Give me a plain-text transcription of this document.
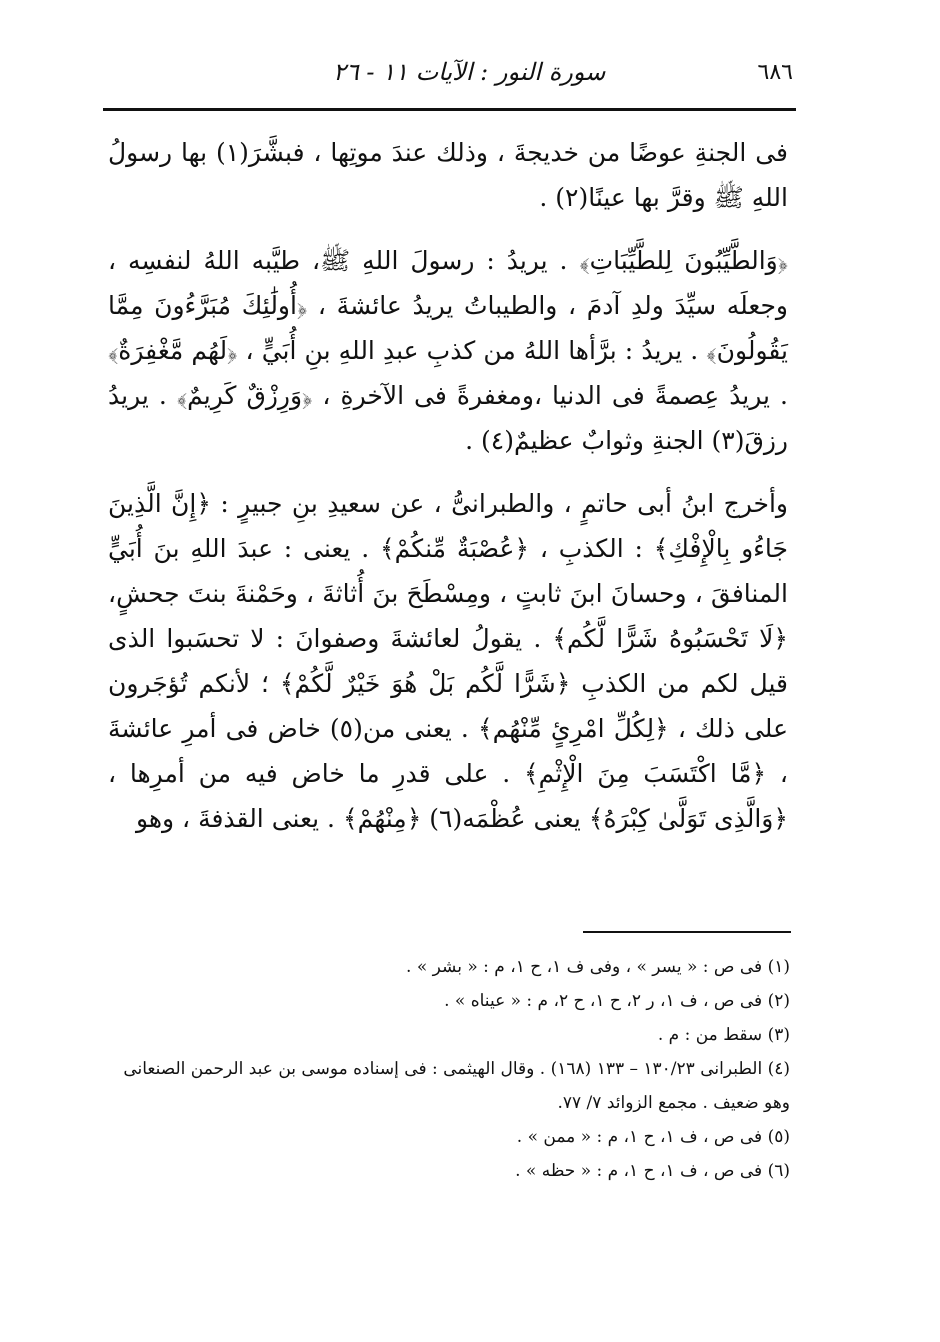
٦٨٦
سورة النور : الآيات ١١ - ٢٦

فى الجنةِ عوضًا من خديجةَ ، وذلك عندَ موتِها ، فبشَّرَ(١) بها رسولُ اللهِ ﷺ وقرَّ بها عينًا(٢) .

﴿وَالطَّيِّبُونَ لِلطَّيِّبَاتِ﴾ . يريدُ : رسولَ اللهِ ﷺ، طيَّبه اللهُ لنفسِه ، وجعلَه سيِّدَ ولدِ آدمَ ، والطيباتُ يريدُ عائشةَ ، ﴿أُولَٰئِكَ مُبَرَّءُونَ مِمَّا يَقُولُونَ﴾ . يريدُ : برَّأها اللهُ من كذبِ عبدِ اللهِ بنِ أُبَيٍّ ، ﴿لَهُم مَّغْفِرَةٌ﴾ . يريدُ عِصمةً فى الدنيا ،ومغفرةً فى الآخرةِ ، ﴿وَرِزْقٌ كَرِيمٌ﴾ . يريدُ رزقَ(٣) الجنةِ وثوابٌ عظيمٌ(٤) .

وأخرج ابنُ أبى حاتمٍ ، والطبرانىُّ ، عن سعيدِ بنِ جبيرٍ : ﴿إِنَّ الَّذِينَ جَاءُو بِالْإِفْكِ﴾ : الكذبِ ، ﴿عُصْبَةٌ مِّنكُمْ﴾ . يعنى : عبدَ اللهِ بنَ أُبَيٍّ المنافقَ ، وحسانَ ابنَ ثابتٍ ، ومِسْطَحَ بنَ أُثاثةَ ، وحَمْنةَ بنتَ جحشٍ، ﴿لَا تَحْسَبُوهُ شَرًّا لَّكُم﴾ . يقولُ لعائشةَ وصفوانَ : لا تحسَبوا الذى قيل لكم من الكذبِ ﴿شَرًّا لَّكُم بَلْ هُوَ خَيْرٌ لَّكُمْ﴾ ؛ لأنكم تُؤجَرون على ذلك ، ﴿لِكُلِّ امْرِئٍ مِّنْهُم﴾ . يعنى من(٥) خاض فى أمرِ عائشةَ ، ﴿مَّا اكْتَسَبَ مِنَ الْإِثْمِ﴾ . على قدرِ ما خاض فيه من أمرِها ، ﴿وَالَّذِى تَوَلَّىٰ كِبْرَهُ﴾ يعنى عُظْمَه(٦) ﴿مِنْهُمْ﴾ . يعنى القذفةَ ، وهو

(١) فى ص : « يسر » ، وفى ف ١، ح ١، م : « بشر » .

(٢) فى ص ، ف ١، ر ٢، ح ١، ح ٢، م : « عيناه » .

(٣) سقط من : م .

(٤) الطبرانى ١٣٠/٢٣ – ١٣٣ (١٦٨) . وقال الهيثمى : فى إسناده موسى بن عبد الرحمن الصنعانى وهو ضعيف . مجمع الزوائد ٧/ ٧٧.

(٥) فى ص ، ف ١، ح ١، م : « ممن » .

(٦) فى ص ، ف ١، ح ١، م : « حظه » .
